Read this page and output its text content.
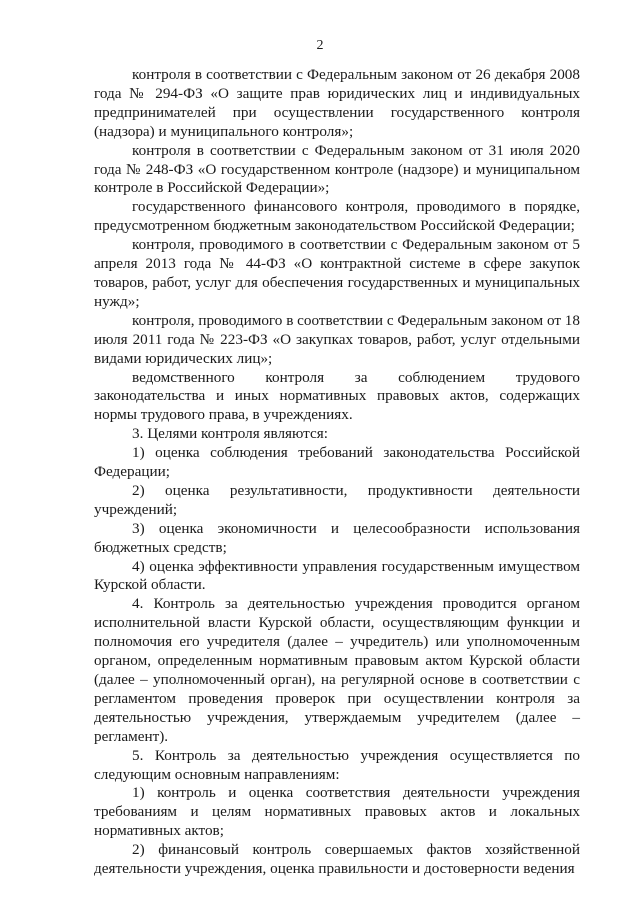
2

контроля в соответствии с Федеральным законом от 26 декабря 2008 года № 294-ФЗ «О защите прав юридических лиц и индивидуальных предпринимателей при осуществлении государственного контроля (надзора) и муниципального контроля»;

контроля в соответствии с Федеральным законом от 31 июля 2020 года № 248-ФЗ «О государственном контроле (надзоре) и муниципальном контроле в Российской Федерации»;

государственного финансового контроля, проводимого в порядке, предусмотренном бюджетным законодательством Российской Федерации;

контроля, проводимого в соответствии с Федеральным законом от 5 апреля 2013 года № 44-ФЗ «О контрактной системе в сфере закупок товаров, работ, услуг для обеспечения государственных и муниципальных нужд»;

контроля, проводимого в соответствии с Федеральным законом от 18 июля 2011 года № 223-ФЗ «О закупках товаров, работ, услуг отдельными видами юридических лиц»;

ведомственного контроля за соблюдением трудового законодательства и иных нормативных правовых актов, содержащих нормы трудового права, в учреждениях.

3. Целями контроля являются:

1) оценка соблюдения требований законодательства Российской Федерации;

2) оценка результативности, продуктивности деятельности учреждений;

3) оценка экономичности и целесообразности использования бюджетных средств;

4) оценка эффективности управления государственным имуществом Курской области.

4. Контроль за деятельностью учреждения проводится органом исполнительной власти Курской области, осуществляющим функции и полномочия его учредителя (далее – учредитель) или уполномоченным органом, определенным нормативным правовым актом Курской области (далее – уполномоченный орган), на регулярной основе в соответствии с регламентом проведения проверок при осуществлении контроля за деятельностью учреждения, утверждаемым учредителем (далее – регламент).

5. Контроль за деятельностью учреждения осуществляется по следующим основным направлениям:

1) контроль и оценка соответствия деятельности учреждения требованиям и целям нормативных правовых актов и локальных нормативных актов;

2) финансовый контроль совершаемых фактов хозяйственной деятельности учреждения, оценка правильности и достоверности ведения
